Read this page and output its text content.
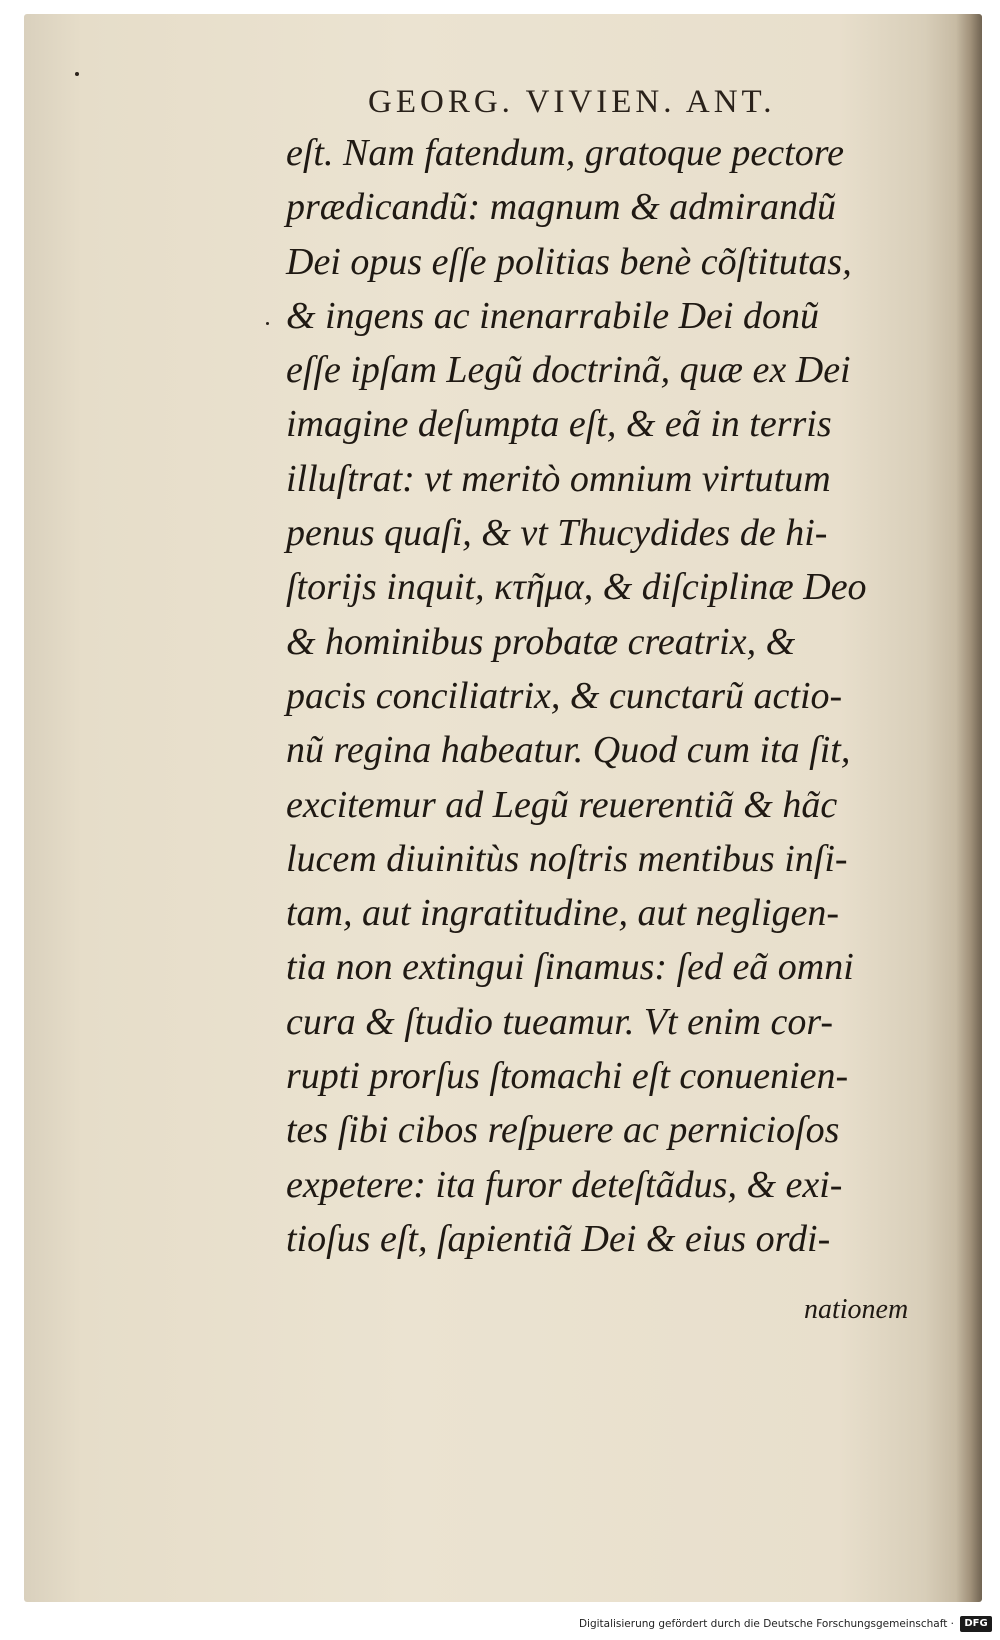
GEORG. VIVIEN. ANT.
eſt. Nam fatendum, gratoque pectore
prædicandũ: magnum & admirandũ
Dei opus eſſe politias benè cõſtitutas,
& ingens ac inenarrabile Dei donũ
eſſe ipſam Legũ doctrinã, quæ ex Dei
imagine deſumpta eſt, & eã in terris
illuſtrat: vt meritò omnium virtutum
penus quaſi, & vt Thucydides de hi-
ſtorijs inquit, κτῆμα, & diſciplinæ Deo
& hominibus probatæ creatrix, &
pacis conciliatrix, & cunctarũ actio-
nũ regina habeatur. Quod cum ita ſit,
excitemur ad Legũ reuerentiã & hãc
lucem diuinitùs noſtris mentibus inſi-
tam, aut ingratitudine, aut negligen-
tia non extingui ſinamus: ſed eã omni
cura & ſtudio tueamur. Vt enim cor-
rupti prorſus ſtomachi eſt conuenien-
tes ſibi cibos reſpuere ac pernicioſos
expetere: ita furor deteſtãdus, & exi-
tioſus eſt, ſapientiã Dei & eius ordi-
nationem
Digitalisierung gefördert durch die Deutsche Forschungsgemeinschaft ·	DFG
